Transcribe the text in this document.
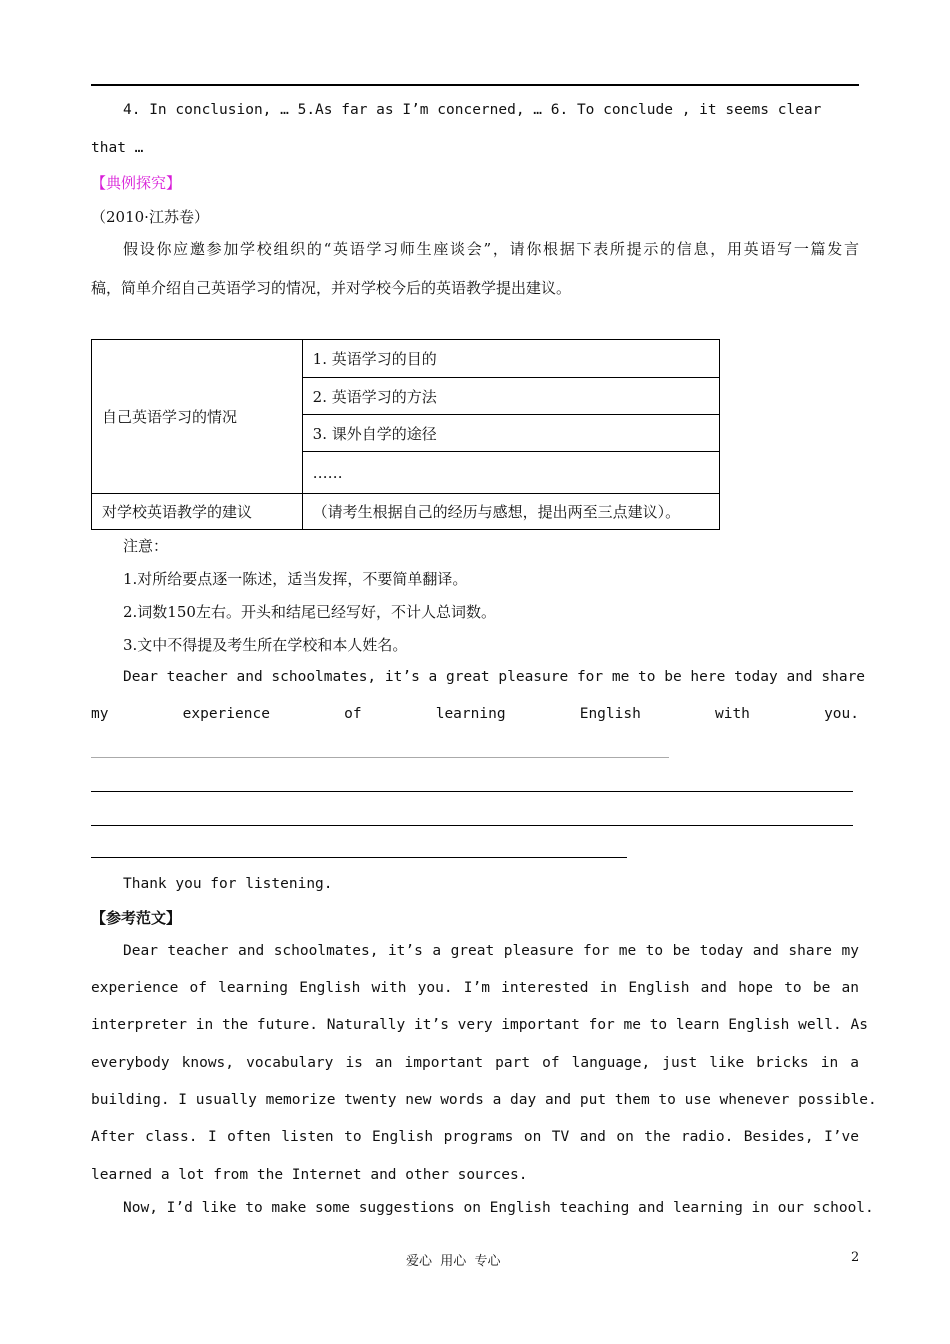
4. In conclusion, … 5.As far as I’m concerned, … 6. To conclude , it seems clear
that …
【典例探究】
（2010·江苏卷）
假设你应邀参加学校组织的“英语学习师生座谈会”，请你根据下表所提示的信息，用英语写一篇发言
稿，简单介绍自己英语学习的情况，并对学校今后的英语教学提出建议。
自己英语学习的情况	1. 英语学习的目的
	2. 英语学习的方法
	3. 课外自学的途径
	……
对学校英语教学的建议	（请考生根据自己的经历与感想，提出两至三点建议）。
注意：
1.对所给要点逐一陈述，适当发挥，不要简单翻译。
2.词数150左右。开头和结尾已经写好，不计人总词数。
3.文中不得提及考生所在学校和本人姓名。
Dear teacher and schoolmates, it’s a great pleasure for me to be here today and share
my experience of learning English with you.
Thank you for listening.
【参考范文】
Dear teacher and schoolmates, it’s a great pleasure for me to be today and share my
experience of learning English with you. I’m interested in English and hope to be an
interpreter in the future. Naturally it’s very important for me to learn English well. As
everybody knows, vocabulary is an important part of language, just like bricks in a
building. I usually memorize twenty new words a day and put them to use whenever possible.
After class. I often listen to English programs on TV and on the radio. Besides, I’ve
learned a lot from the Internet and other sources.
Now, I’d like to make some suggestions on English teaching and learning in our school.
爱心  用心  专心	2
